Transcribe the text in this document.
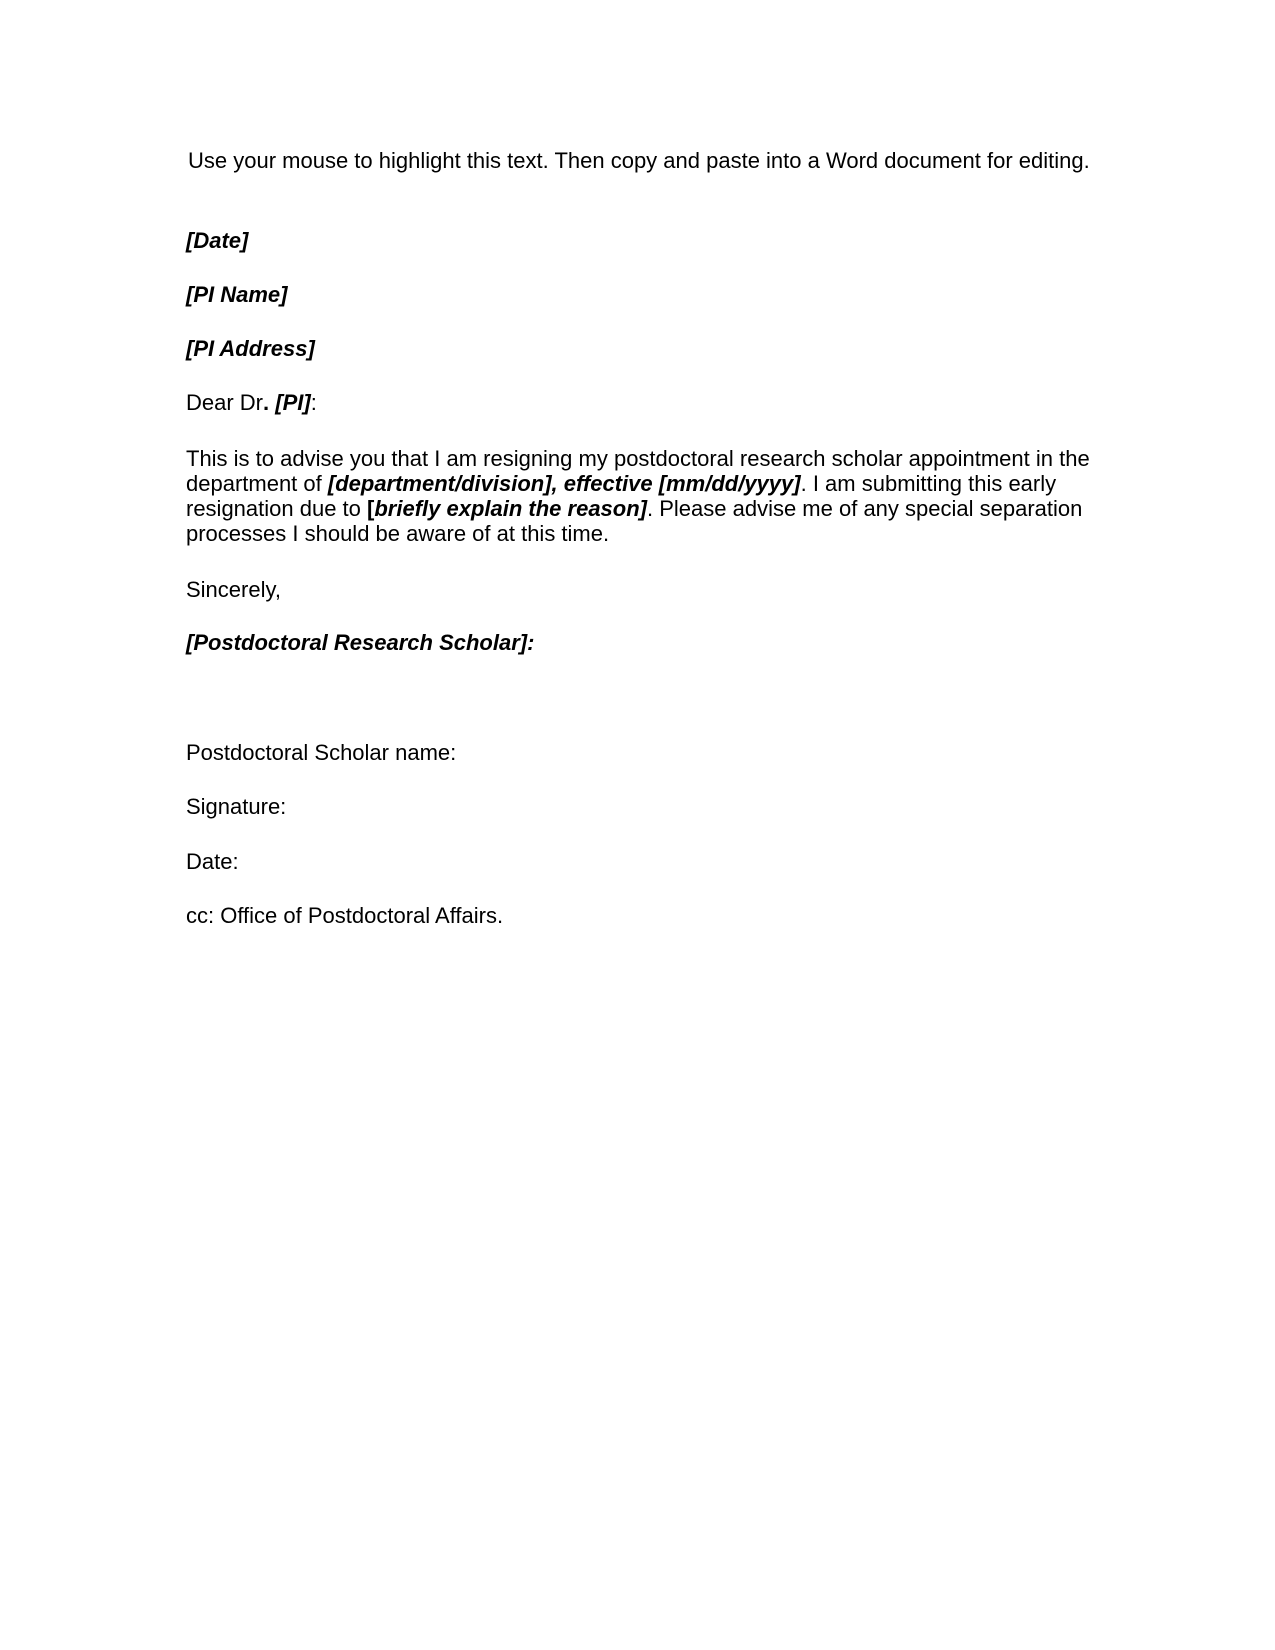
Use your mouse to highlight this text. Then copy and paste into a Word document for editing.
[Date]
[PI Name]
[PI Address]
Dear Dr. [PI]:
This is to advise you that I am resigning my postdoctoral research scholar appointment in the
department of [department/division], effective [mm/dd/yyyy]. I am submitting this early
resignation due to [briefly explain the reason]. Please advise me of any special separation
processes I should be aware of at this time.
Sincerely,
[Postdoctoral Research Scholar]:
Postdoctoral Scholar name:
Signature:
Date:
cc: Office of Postdoctoral Affairs.
